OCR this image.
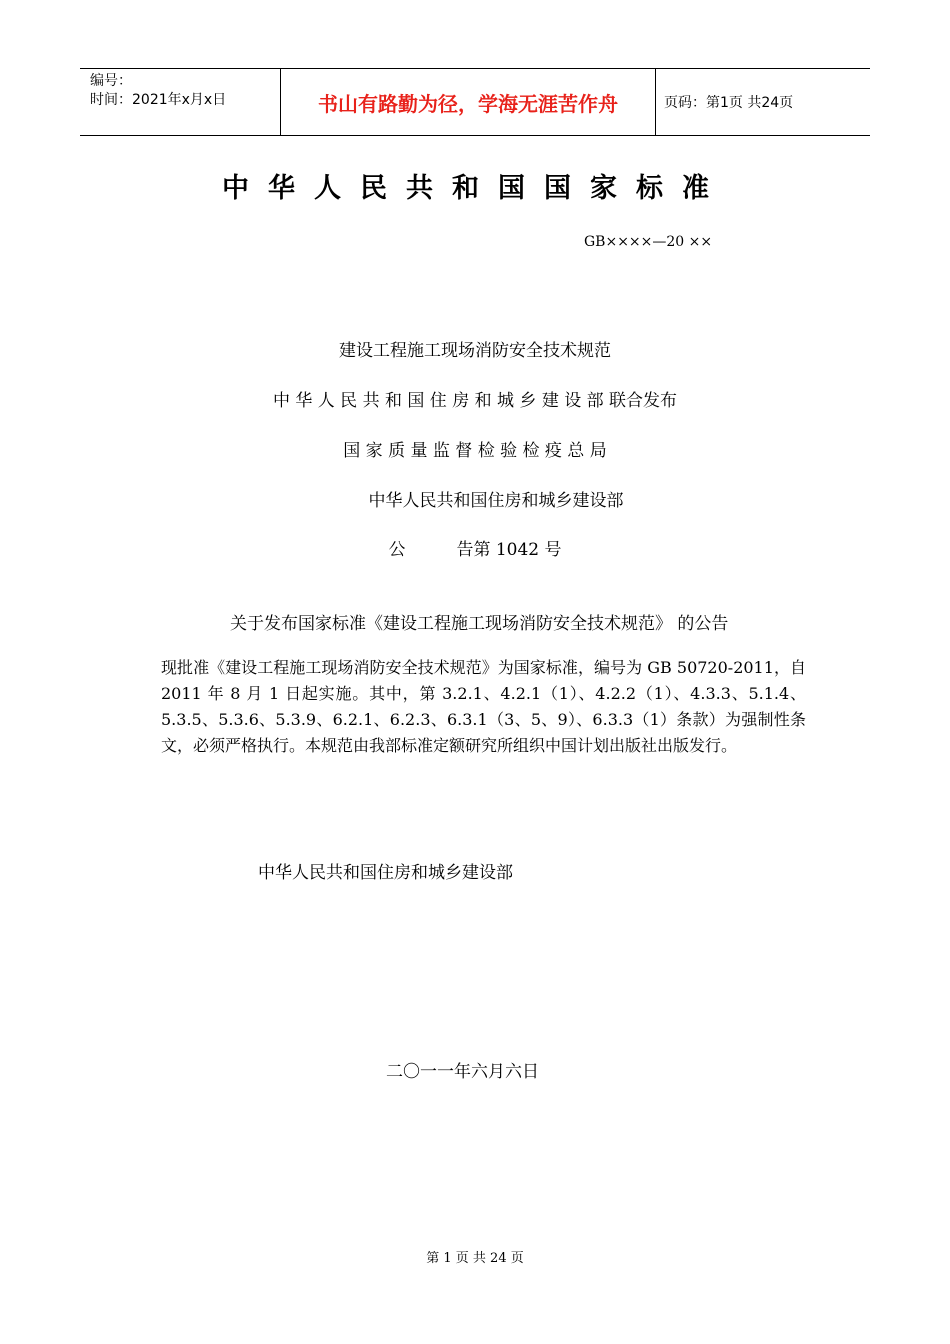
编号：
时间：2021年x月x日	书山有路勤为径，学海无涯苦作舟	页码：第1页 共24页
中华人民共和国国家标准
GB××××—20 ××
建设工程施工现场消防安全技术规范
中 华 人 民 共 和 国 住 房 和 城 乡 建 设 部 联合发布
国 家 质 量 监 督 检 验 检 疫 总 局
中华人民共和国住房和城乡建设部
公　　　告第 1042 号
关于发布国家标准《建设工程施工现场消防安全技术规范》 的公告
现批准《建设工程施工现场消防安全技术规范》为国家标准，编号为 GB 50720-2011，自 2011 年 8 月 1 日起实施。其中，第 3.2.1、4.2.1（1）、4.2.2（1）、4.3.3、5.1.4、5.3.5、5.3.6、5.3.9、6.2.1、6.2.3、6.3.1（3、5、9）、6.3.3（1）条款）为强制性条文，必须严格执行。本规范由我部标准定额研究所组织中国计划出版社出版发行。
中华人民共和国住房和城乡建设部
二〇一一年六月六日
第 1 页 共 24 页
